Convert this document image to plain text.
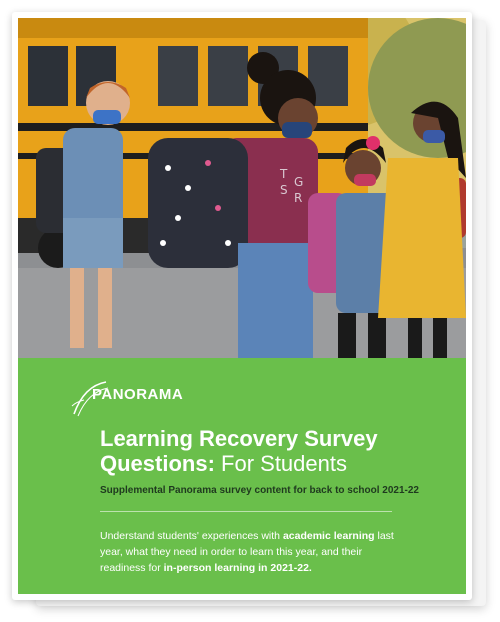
T
G
S
R
PANORAMA
Learning Recovery Survey Questions: For Students
Supplemental Panorama survey content for back to school 2021-22
Understand students' experiences with academic learning last year, what they need in order to learn this year, and their readiness for in-person learning in 2021-22.
